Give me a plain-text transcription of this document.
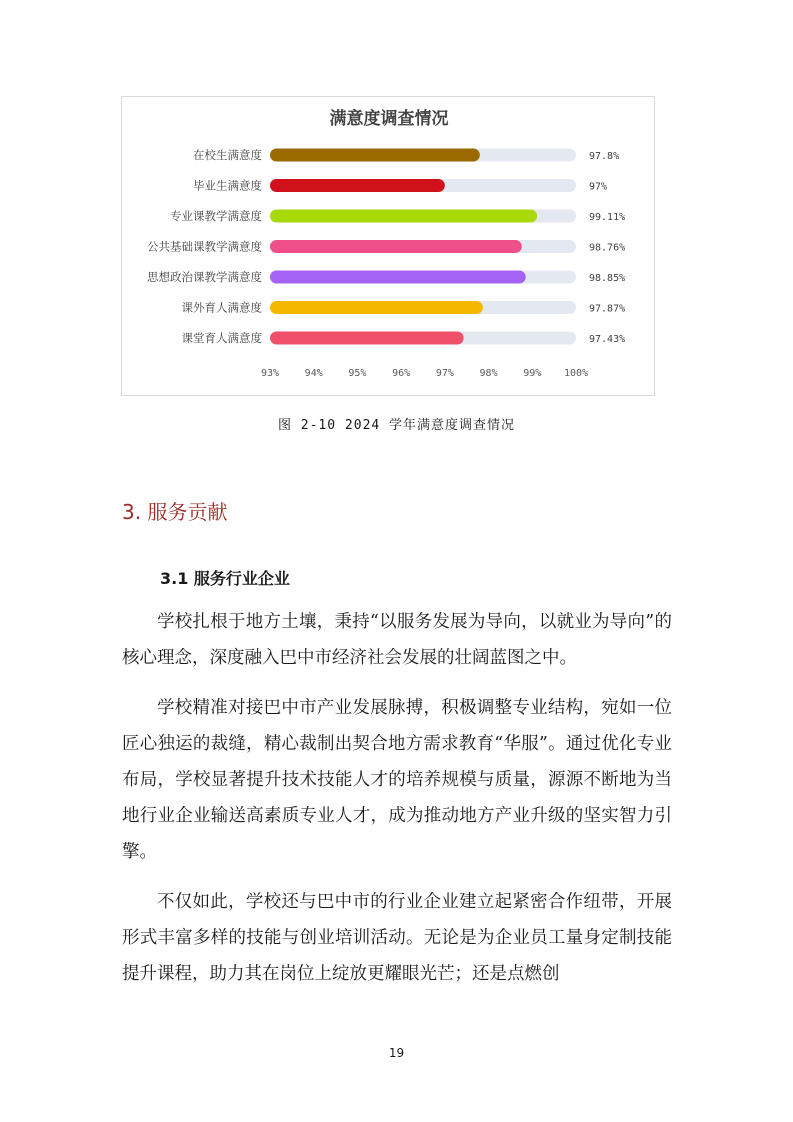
满意度调查情况
在校生满意度	97.8%
毕业生满意度	97%
专业课教学满意度	99.11%
公共基础课教学满意度	98.76%
思想政治课教学满意度	98.85%
课外育人满意度	97.87%
课堂育人满意度	97.43%
93%	94%	95%	96%	97%	98%	99% 100%
图 2-10 2024 学年满意度调查情况
3. 服务贡献
3.1 服务行业企业

学校扎根于地方土壤，秉持“以服务发展为导向，以就业为导向”的核心理念，深度融入巴中市经济社会发展的壮阔蓝图之中。

学校精准对接巴中市产业发展脉搏，积极调整专业结构，宛如一位匠心独运的裁缝，精心裁制出契合地方需求教育“华服”。通过优化专业布局，学校显著提升技术技能人才的培养规模与质量，源源不断地为当地行业企业输送高素质专业人才，成为推动地方产业升级的坚实智力引擎。

不仅如此，学校还与巴中市的行业企业建立起紧密合作纽带，开展形式丰富多样的技能与创业培训活动。无论是为企业员工量身定制技能提升课程，助力其在岗位上绽放更耀眼光芒；还是点燃创

19
